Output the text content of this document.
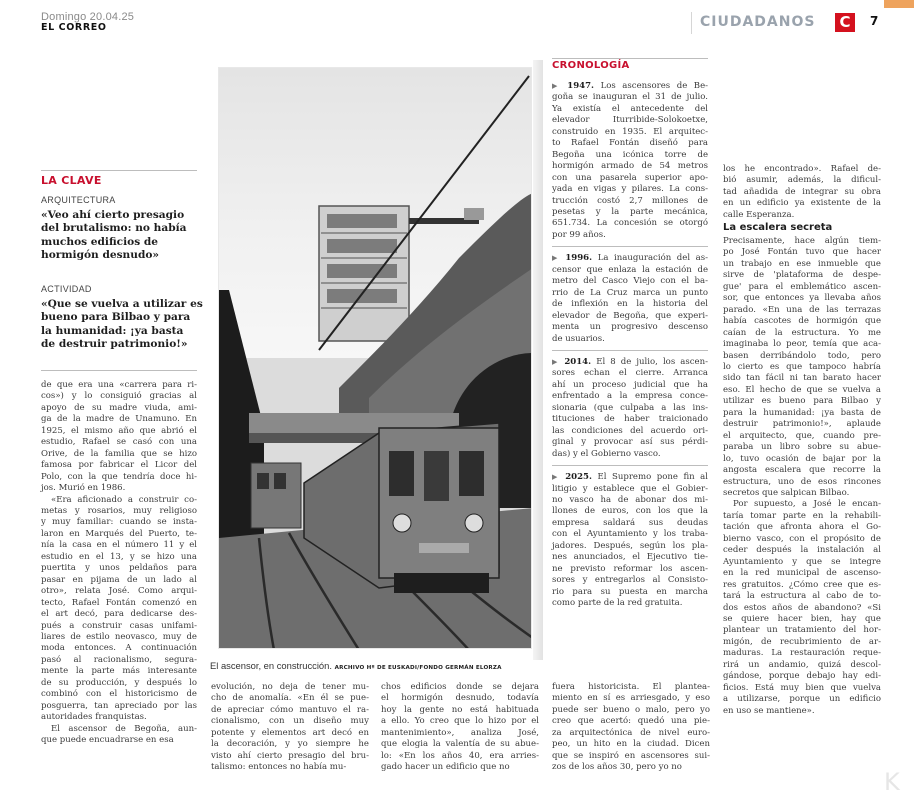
Domingo 20.04.25
EL CORREO	CIUDADANOS C	7
LA CLAVE
ARQUITECTURA
«Veo ahí cierto presagio
del brutalismo: no había
muchos edificios de
hormigón desnudo»
ACTIVIDAD
«Que se vuelva a utilizar es
bueno para Bilbao y para
la humanidad: ¡ya basta
de destruir patrimonio!»
de que era una «carrera para ri-
cos») y lo consiguió gracias al
apoyo de su madre viuda, ami-
ga de la madre de Unamuno. En
1925, el mismo año que abrió el
estudio, Rafael se casó con una
Orive, de la familia que se hizo
famosa por fabricar el Licor del
Polo, con la que tendría doce hi-
jos. Murió en 1986.
«Era aficionado a construir co-
metas y rosarios, muy religioso
y muy familiar: cuando se insta-
laron en Marqués del Puerto, te-
nía la casa en el número 11 y el
estudio en el 13, y se hizo una
puertita y unos peldaños para
pasar en pijama de un lado al
otro», relata José. Como arqui-
tecto, Rafael Fontán comenzó en
el art decó, para dedicarse des-
pués a construir casas unifami-
liares de estilo neovasco, muy de
moda entonces. A continuación
pasó al racionalismo, segura-
mente la parte más interesante
de su producción, y después lo
combinó con el historicismo de
posguerra, tan apreciado por las
autoridades franquistas.
El ascensor de Begoña, aun-
que puede encuadrarse en esa
El ascensor, en construcción. ARCHIVO Hº DE EUSKADI/FONDO GERMÁN ELORZA
evolución, no deja de tener mu-
cho de anomalía. «En él se pue-
de apreciar cómo mantuvo el ra-
cionalismo, con un diseño muy
potente y elementos art decó en
la decoración, y yo siempre he
visto ahí cierto presagio del bru-
talismo: entonces no había mu-
chos edificios donde se dejara
el hormigón desnudo, todavía
hoy la gente no está habituada
a ello. Yo creo que lo hizo por el
mantenimiento», analiza José,
que elogia la valentía de su abue-
lo: «En los años 40, era arries-
gado hacer un edificio que no
fuera historicista. El plantea-
miento en sí es arriesgado, y eso
puede ser bueno o malo, pero yo
creo que acertó: quedó una pie-
za arquitectónica de nivel euro-
peo, un hito en la ciudad. Dicen
que se inspiró en ascensores sui-
zos de los años 30, pero yo no
CRONOLOGÍA
▶ 1947. Los ascensores de Be-
goña se inauguran el 31 de julio.
Ya existía el antecedente del
elevador Iturribide-Solokoetxe,
construido en 1935. El arquitec-
to Rafael Fontán diseñó para
Begoña una icónica torre de
hormigón armado de 54 metros
con una pasarela superior apo-
yada en vigas y pilares. La cons-
trucción costó 2,7 millones de
pesetas y la parte mecánica,
651.734. La concesión se otorgó
por 99 años.
▶ 1996. La inauguración del as-
censor que enlaza la estación de
metro del Casco Viejo con el ba-
rrio de La Cruz marca un punto
de inflexión en la historia del
elevador de Begoña, que experi-
menta un progresivo descenso
de usuarios.
▶ 2014. El 8 de julio, los ascen-
sores echan el cierre. Arranca
ahí un proceso judicial que ha
enfrentado a la empresa conce-
sionaria (que culpaba a las ins-
tituciones de haber traicionado
las condiciones del acuerdo ori-
ginal y provocar así sus pérdi-
das) y el Gobierno vasco.
▶ 2025. El Supremo pone fin al
litigio y establece que el Gobier-
no vasco ha de abonar dos mi-
llones de euros, con los que la
empresa saldará sus deudas
con el Ayuntamiento y los traba-
jadores. Después, según los pla-
nes anunciados, el Ejecutivo tie-
ne previsto reformar los ascen-
sores y entregarlos al Consisto-
rio para su puesta en marcha
como parte de la red gratuita.
los he encontrado». Rafael de-
bió asumir, además, la dificul-
tad añadida de integrar su obra
en un edificio ya existente de la
calle Esperanza.
La escalera secreta
Precisamente, hace algún tiem-
po José Fontán tuvo que hacer
un trabajo en ese inmueble que
sirve de 'plataforma de despe-
gue' para el emblemático ascen-
sor, que entonces ya llevaba años
parado. «En una de las terrazas
había cascotes de hormigón que
caían de la estructura. Yo me
imaginaba lo peor, temía que aca-
basen derribándolo todo, pero
lo cierto es que tampoco habría
sido tan fácil ni tan barato hacer
eso. El hecho de que se vuelva a
utilizar es bueno para Bilbao y
para la humanidad: ¡ya basta de
destruir patrimonio!», aplaude
el arquitecto, que, cuando pre-
paraba un libro sobre su abue-
lo, tuvo ocasión de bajar por la
angosta escalera que recorre la
estructura, uno de esos rincones
secretos que salpican Bilbao.
Por supuesto, a José le encan-
taría tomar parte en la rehabili-
tación que afronta ahora el Go-
bierno vasco, con el propósito de
ceder después la instalación al
Ayuntamiento y que se integre
en la red municipal de ascenso-
res gratuitos. ¿Cómo cree que es-
tará la estructura al cabo de to-
dos estos años de abandono? «Si
se quiere hacer bien, hay que
plantear un tratamiento del hor-
migón, de recubrimiento de ar-
maduras. La restauración reque-
rirá un andamio, quizá descol-
gándose, porque debajo hay edi-
ficios. Está muy bien que vuelva
a utilizarse, porque un edificio
en uso se mantiene».
K
